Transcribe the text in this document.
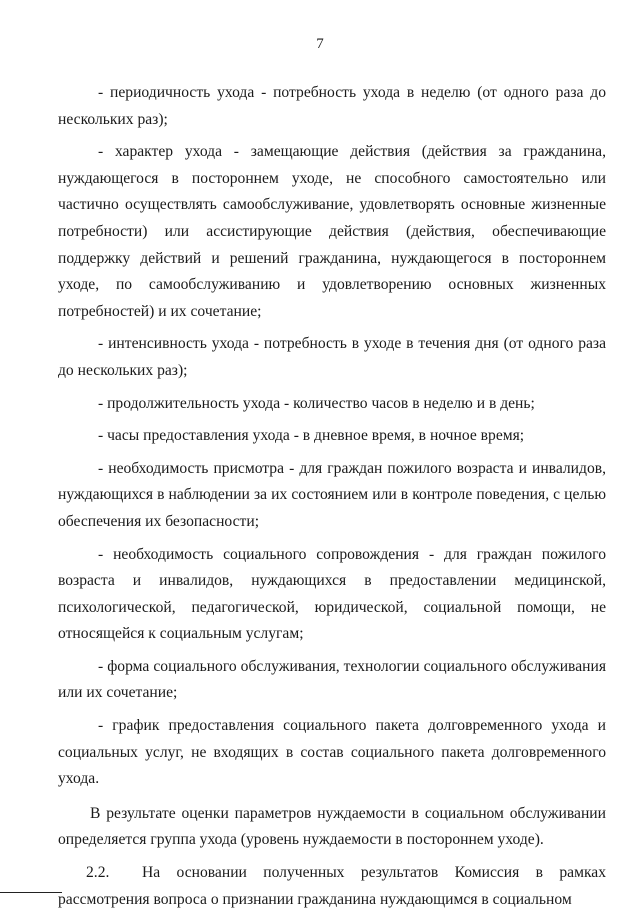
7

- периодичность ухода - потребность ухода в неделю (от одного раза до нескольких раз);

- характер ухода - замещающие действия (действия за гражданина, нуждающегося в постороннем уходе, не способного самостоятельно или частично осуществлять самообслуживание, удовлетворять основные жизненные потребности) или ассистирующие действия (действия, обеспечивающие поддержку действий и решений гражданина, нуждающегося в постороннем уходе, по самообслуживанию и удовлетворению основных жизненных потребностей) и их сочетание;

- интенсивность ухода - потребность в уходе в течения дня (от одного раза до нескольких раз);

- продолжительность ухода - количество часов в неделю и в день;

- часы предоставления ухода - в дневное время, в ночное время;

- необходимость присмотра - для граждан пожилого возраста и инвалидов, нуждающихся в наблюдении за их состоянием или в контроле поведения, с целью обеспечения их безопасности;

- необходимость социального сопровождения - для граждан пожилого возраста и инвалидов, нуждающихся в предоставлении медицинской, психологической, педагогической, юридической, социальной помощи, не относящейся к социальным услугам;

- форма социального обслуживания, технологии социального обслуживания или их сочетание;

- график предоставления социального пакета долговременного ухода и социальных услуг, не входящих в состав социального пакета долговременного ухода.

В результате оценки параметров нуждаемости в социальном обслуживании определяется группа ухода (уровень нуждаемости в постороннем уходе).

2.2. На основании полученных результатов Комиссия в рамках рассмотрения вопроса о признании гражданина нуждающимся в социальном
